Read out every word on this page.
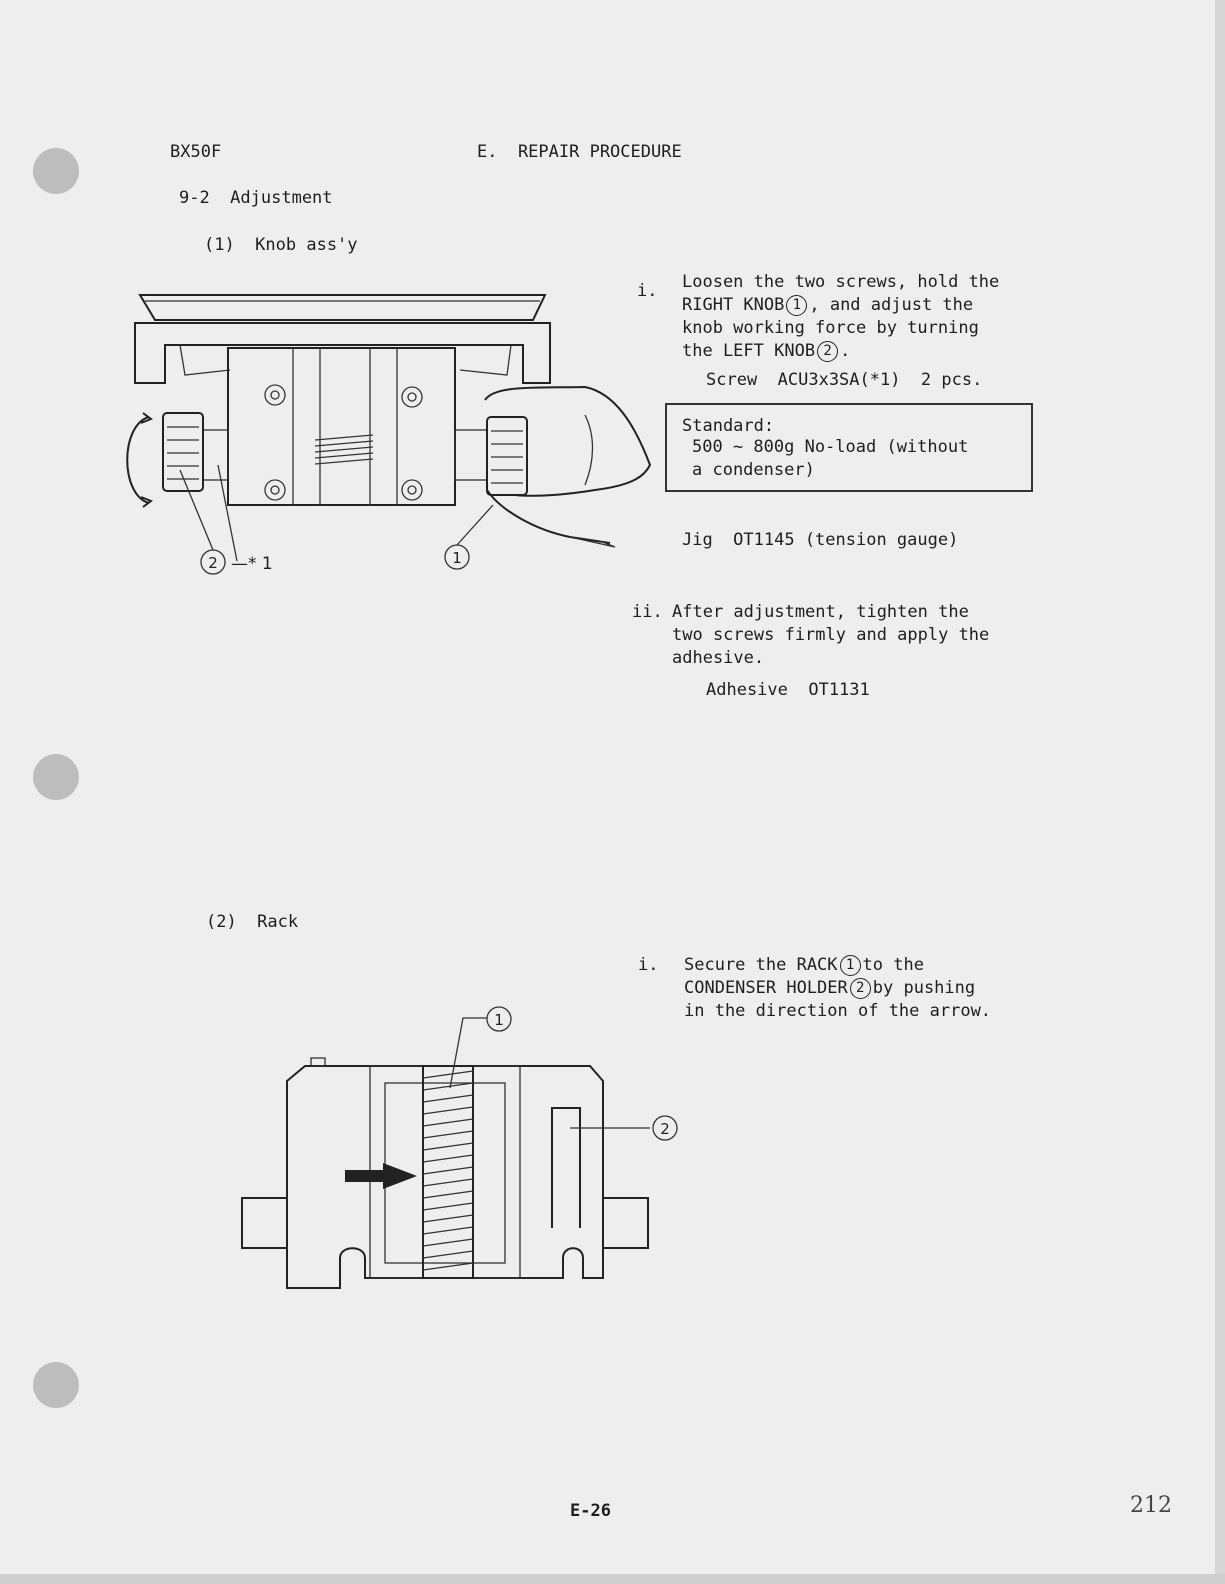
BX50F	E.  REPAIR PROCEDURE
9-2  Adjustment
(1)  Knob ass'y
i. Loosen the two screws, hold the
RIGHT KNOB 1 , and adjust the
knob working force by turning
the LEFT KNOB 2 .
Screw  ACU3x3SA(*1)  2 pcs.
Standard:
500 ~ 800g No-load (without
a condenser)
Jig  OT1145 (tension gauge)
ii. After adjustment, tighten the
two screws firmly and apply the
adhesive.
Adhesive  OT1131
2 —* 1	1
(2)  Rack
i. Secure the RACK 1 to the
CONDENSER HOLDER 2 by pushing
in the direction of the arrow.
1
2
E-26	212
